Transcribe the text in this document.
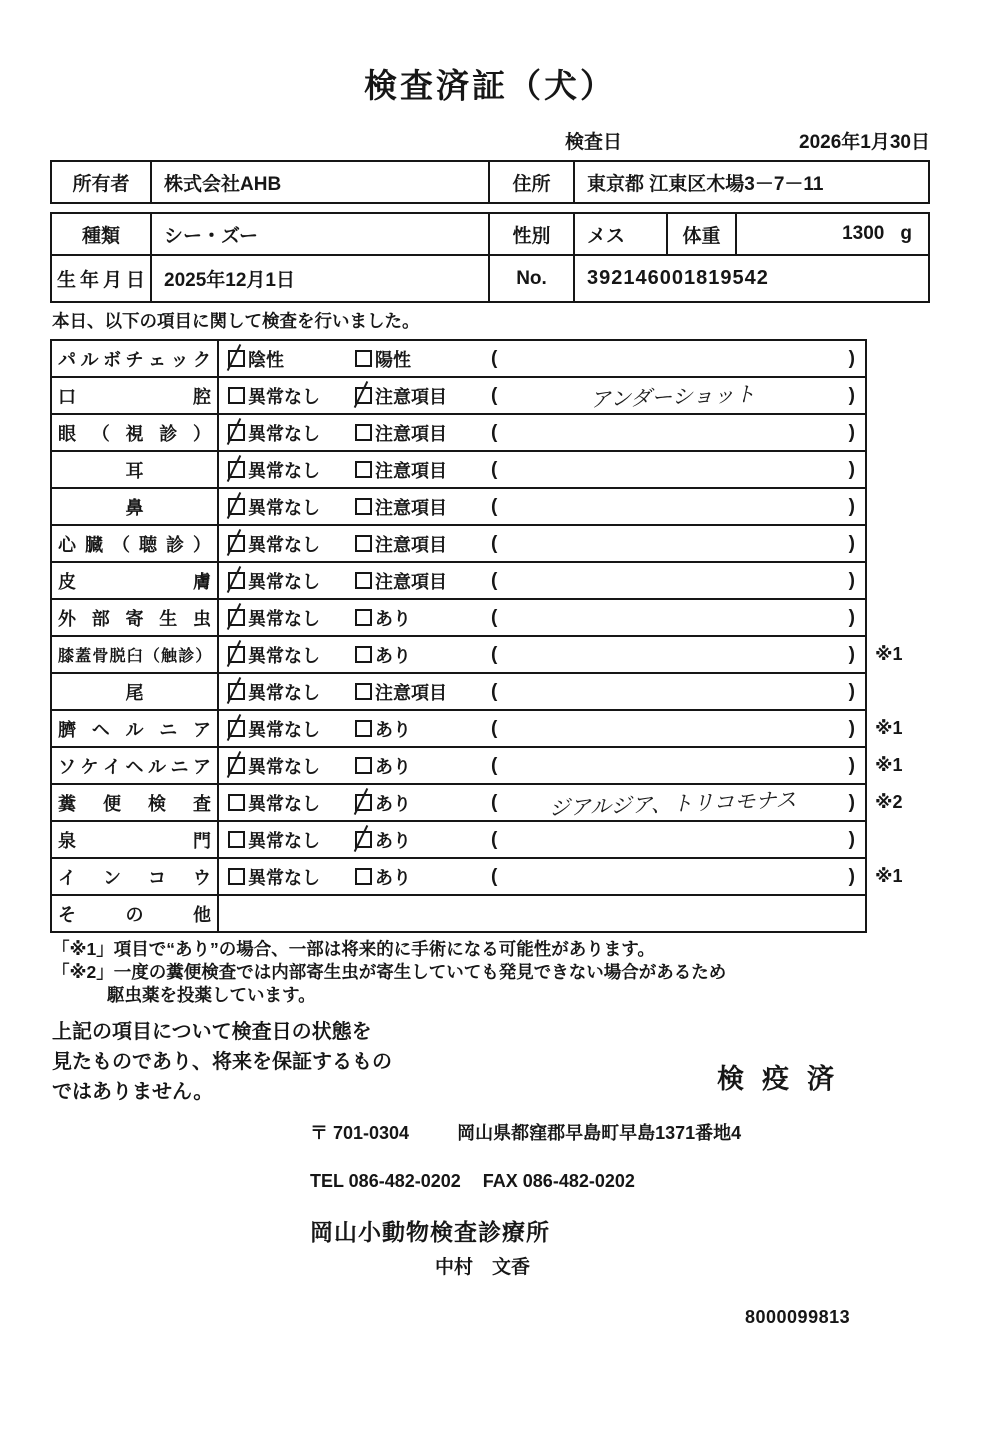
検査済証（犬）
検査日	2026年1月30日
所有者	株式会社AHB	住所	東京都 江東区木場3－7－11
種類	シー・ズー	性別	メス	体重	1300 g
生年月日 2025年12月1日	No.	392146001819542
本日、以下の項目に関して検査を行いました。
パ ル ボ チ ェ ッ ク 陰性	陽性	(	)
口	腔 異常なし	注意項目 (	アンダーショット	)
眼 （ 視 診 ） 異常なし	注意項目 (	)
耳	異常なし	注意項目 (	)
鼻	異常なし	注意項目 (	)
心 臓 （ 聴 診 ） 異常なし	注意項目 (	)
皮	膚 異常なし	注意項目 (	)
外 部 寄 生 虫 異常なし	あり	(	)
膝 蓋 骨 脱 臼 （ 触 診 ） 異常なし	あり	(	)	※1
尾	異常なし	注意項目 (	)
臍 ヘ ル ニ ア 異常なし	あり	(	)	※1
ソ ケ イ ヘ ル ニ ア 異常なし	あり	(	)	※1
糞 便 検 査 異常なし	あり	(	ジアルジア、トリコモナス	)	※2
泉	門 異常なし	あり	(	)
イ ン コ ウ 異常なし	あり	(	)	※1
そ	の	他
「※1」項目で“あり”の場合、一部は将来的に手術になる可能性があります。
「※2」一度の糞便検査では内部寄生虫が寄生していても発見できない場合があるため
駆虫薬を投薬しています。
上記の項目について検査日の状態を
見たものであり、将来を保証するもの
ではありません。	検疫済
〒 701-0304	岡山県都窪郡早島町早島1371番地4
TEL 086-482-0202 FAX 086-482-0202
岡山小動物検査診療所
中村　文香
8000099813
